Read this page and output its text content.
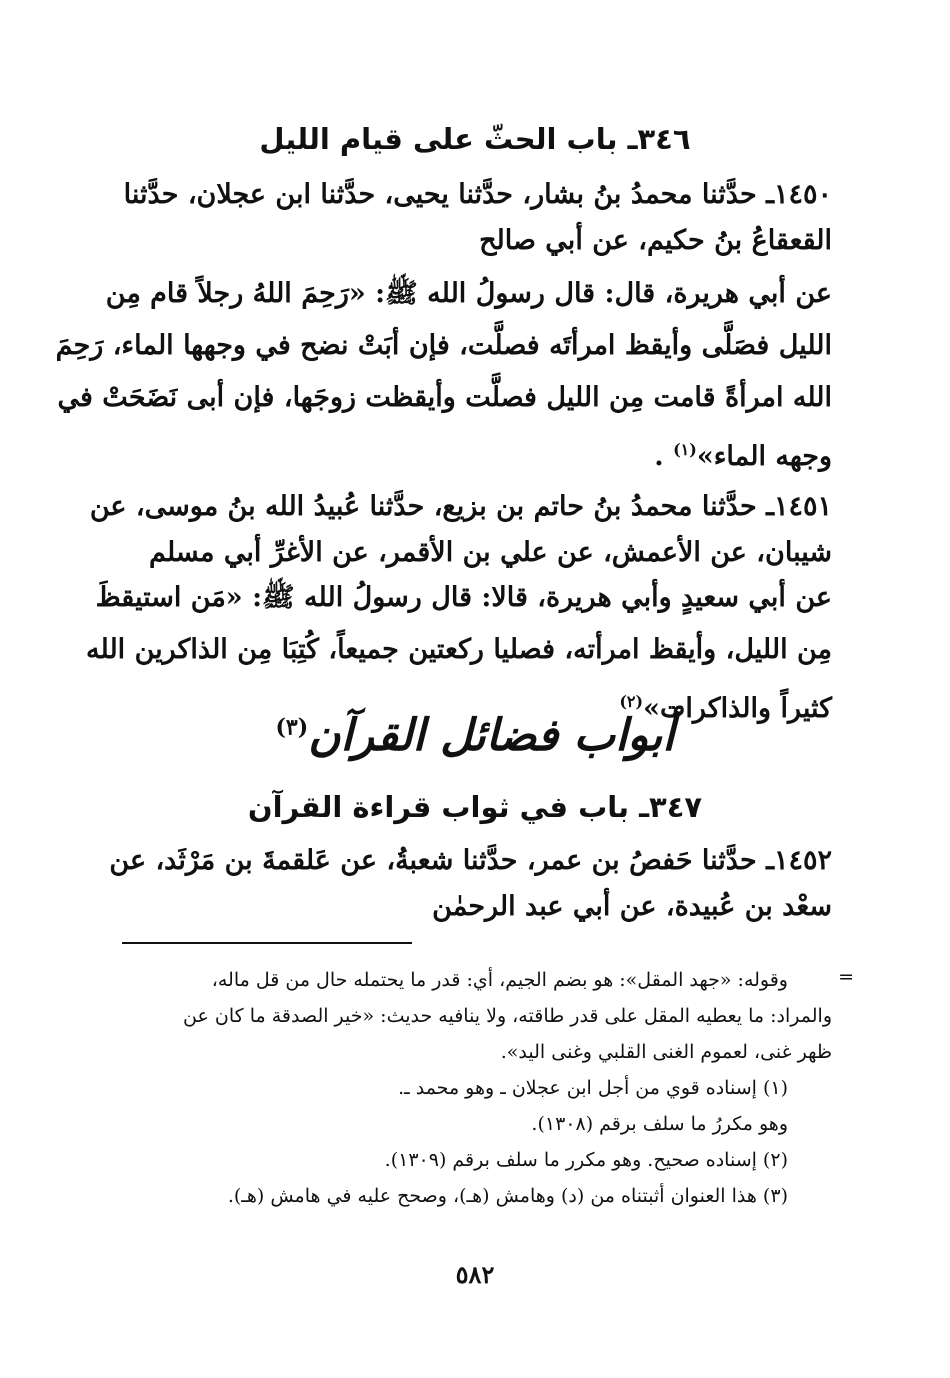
٣٤٦ـ باب الحثّ على قيام الليل
١٤٥٠ـ حدَّثنا محمدُ بنُ بشار، حدَّثنا يحيى، حدَّثنا ابن عجلان، حدَّثنا
القعقاعُ بنُ حكيم، عن أبي صالح
عن أبي هريرة، قال: قال رسولُ الله ﷺ: «رَحِمَ اللهُ رجلاً قام مِن
الليل فصَلَّى وأيقظ امرأتَه فصلَّت، فإن أبَتْ نضح في وجهها الماء، رَحِمَ
الله امرأةً قامت مِن الليل فصلَّت وأيقظت زوجَها، فإن أبى نَضَحَتْ في
وجهه الماء»$^{(١)}$ .
١٤٥١ـ حدَّثنا محمدُ بنُ حاتم بن بزيع، حدَّثنا عُبيدُ الله بنُ موسى، عن
شيبان، عن الأعمش، عن علي بن الأقمر، عن الأغرِّ أبي مسلم
عن أبي سعيدٍ وأبي هريرة، قالا: قال رسولُ الله ﷺ: «مَن استيقظَ
مِن الليل، وأيقظ امرأته، فصليا ركعتين جميعاً، كُتِبَا مِن الذاكرين الله
كثيراً والذاكرات»$^{(٢)}$
أبواب فضائل القرآن$^{(٣)}$
٣٤٧ـ باب في ثواب قراءة القرآن
١٤٥٢ـ حدَّثنا حَفصُ بن عمر، حدَّثنا شعبةُ، عن عَلقمةَ بن مَرْثَد، عن
سعْد بن عُبيدة، عن أبي عبد الرحمٰن
=
وقوله: «جهد المقل»: هو بضم الجيم، أي: قدر ما يحتمله حال من قل ماله،
والمراد: ما يعطيه المقل على قدر طاقته، ولا ينافيه حديث: «خير الصدقة ما كان عن
ظهر غنى، لعموم الغنى القلبي وغنى اليد».
(١) إسناده قوي من أجل ابن عجلان ـ وهو محمد ـ.
وهو مكررُ ما سلف برقم (١٣٠٨).
(٢) إسناده صحيح. وهو مكرر ما سلف برقم (١٣٠٩).
(٣) هذا العنوان أثبتناه من (د) وهامش (هـ)، وصحح عليه في هامش (هـ).
٥٨٢
